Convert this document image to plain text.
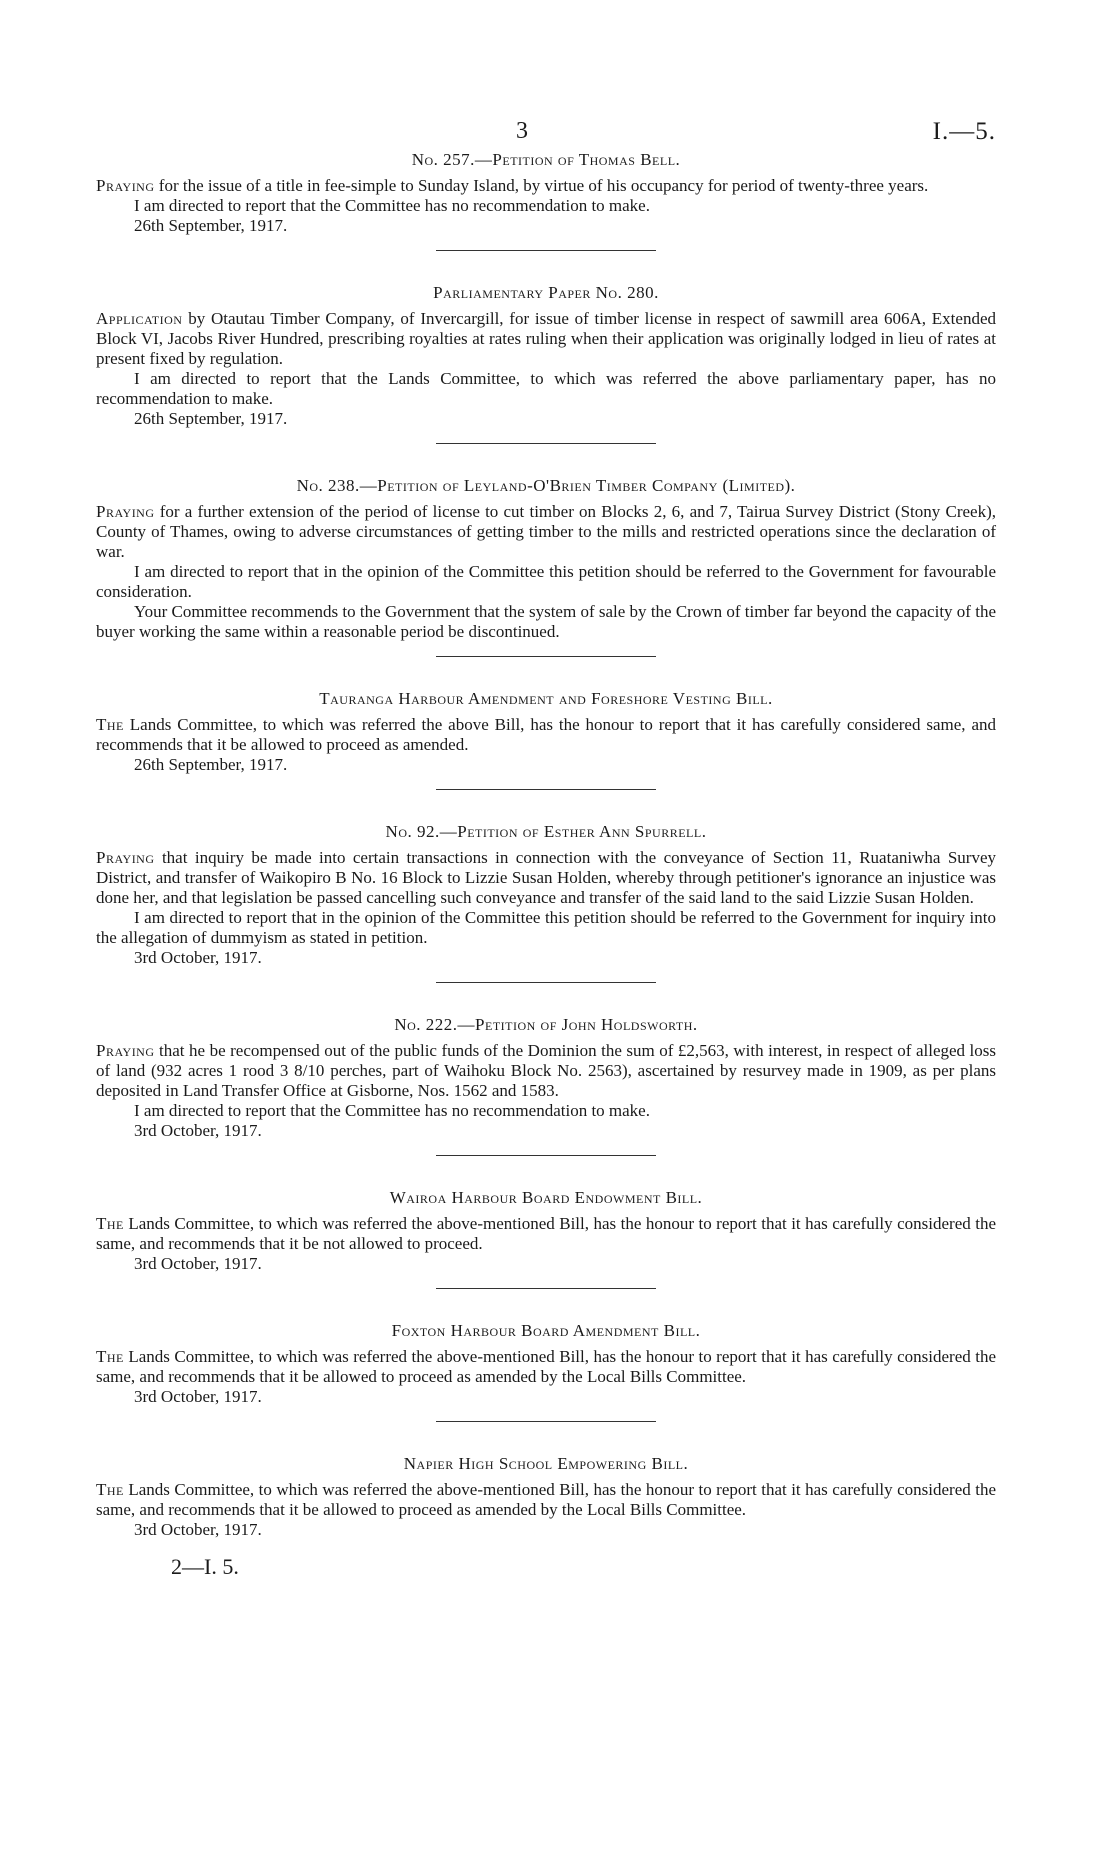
3	I.—5.
No. 257.—Petition of Thomas Bell.

Praying for the issue of a title in fee-simple to Sunday Island, by virtue of his occupancy for period of twenty-three years.

I am directed to report that the Committee has no recommendation to make.

26th September, 1917.
Parliamentary Paper No. 280.

Application by Otautau Timber Company, of Invercargill, for issue of timber license in respect of sawmill area 606A, Extended Block VI, Jacobs River Hundred, prescribing royalties at rates ruling when their application was originally lodged in lieu of rates at present fixed by regulation.

I am directed to report that the Lands Committee, to which was referred the above parliamentary paper, has no recommendation to make.

26th September, 1917.
No. 238.—Petition of Leyland-O'Brien Timber Company (Limited).

Praying for a further extension of the period of license to cut timber on Blocks 2, 6, and 7, Tairua Survey District (Stony Creek), County of Thames, owing to adverse circumstances of getting timber to the mills and restricted operations since the declaration of war.

I am directed to report that in the opinion of the Committee this petition should be referred to the Government for favourable consideration.

Your Committee recommends to the Government that the system of sale by the Crown of timber far beyond the capacity of the buyer working the same within a reasonable period be discontinued.

Tauranga Harbour Amendment and Foreshore Vesting Bill.

The Lands Committee, to which was referred the above Bill, has the honour to report that it has carefully considered same, and recommends that it be allowed to proceed as amended.

26th September, 1917.
No. 92.—Petition of Esther Ann Spurrell.

Praying that inquiry be made into certain transactions in connection with the conveyance of Section 11, Ruataniwha Survey District, and transfer of Waikopiro B No. 16 Block to Lizzie Susan Holden, whereby through petitioner's ignorance an injustice was done her, and that legislation be passed cancelling such conveyance and transfer of the said land to the said Lizzie Susan Holden.

I am directed to report that in the opinion of the Committee this petition should be referred to the Government for inquiry into the allegation of dummyism as stated in petition.

3rd October, 1917.
No. 222.—Petition of John Holdsworth.

Praying that he be recompensed out of the public funds of the Dominion the sum of £2,563, with interest, in respect of alleged loss of land (932 acres 1 rood 3 8/10 perches, part of Waihoku Block No. 2563), ascertained by resurvey made in 1909, as per plans deposited in Land Transfer Office at Gisborne, Nos. 1562 and 1583.

I am directed to report that the Committee has no recommendation to make.

3rd October, 1917.
Wairoa Harbour Board Endowment Bill.

The Lands Committee, to which was referred the above-mentioned Bill, has the honour to report that it has carefully considered the same, and recommends that it be not allowed to proceed.

3rd October, 1917.
Foxton Harbour Board Amendment Bill.

The Lands Committee, to which was referred the above-mentioned Bill, has the honour to report that it has carefully considered the same, and recommends that it be allowed to proceed as amended by the Local Bills Committee.

3rd October, 1917.
Napier High School Empowering Bill.

The Lands Committee, to which was referred the above-mentioned Bill, has the honour to report that it has carefully considered the same, and recommends that it be allowed to proceed as amended by the Local Bills Committee.

3rd October, 1917.
2—I. 5.
